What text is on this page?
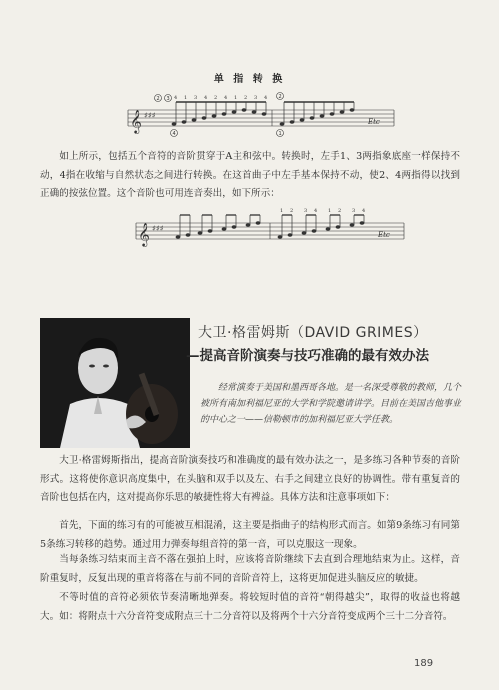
单 指 转 换
𝄞 ♯♯♯
2 3
4
2
1
Etc
4 1 3 4 2 4 1 2 3 4
如上所示，包括五个音符的音阶贯穿于A主和弦中。转换时，左手1、3两指象底座一样保持不动，4指在收缩与自然状态之间进行转换。在这首曲子中左手基本保持不动，使2、4两指得以找到正确的按弦位置。这个音阶也可用连音奏出，如下所示：
𝄞 ♯♯♯
Etc
1 2 3 4 1 2 3 4
大卫·格雷姆斯（DAVID GRIMES）
—提高音阶演奏与技巧准确的最有效办法
经常演奏于美国和墨西哥各地。是一名深受尊敬的教师，几个被所有南加利福尼亚的大学和学院邀请讲学。目前在美国吉他事业的中心之一——信勒顿市的加利福尼亚大学任教。
大卫·格雷姆斯指出，提高音阶演奏技巧和准确度的最有效办法之一，是多练习各种节奏的音阶形式。这将使你意识高度集中，在头脑和双手以及左、右手之间建立良好的协调性。带有重复音的音阶也包括在内，这对提高你乐思的敏捷性将大有裨益。具体方法和注意事项如下：
首先，下面的练习有的可能被互相混淆，这主要是指曲子的结构形式而言。如第9条练习有同第5条练习转移的趋势。通过用力弹奏每组音符的第一音，可以克服这一现象。
当每条练习结束而主音不落在强拍上时，应该将音阶继续下去直到合理地结束为止。这样，音阶重复时，反复出现的重音将落在与前不同的音阶音符上，这将更加促进头脑反应的敏捷。
不等时值的音符必须依节奏清晰地弹奏。将较短时值的音符“朝得越尖”，取得的收益也将越大。如：将附点十六分音符变成附点三十二分音符以及将两个十六分音符变成两个三十二分音符。
189
